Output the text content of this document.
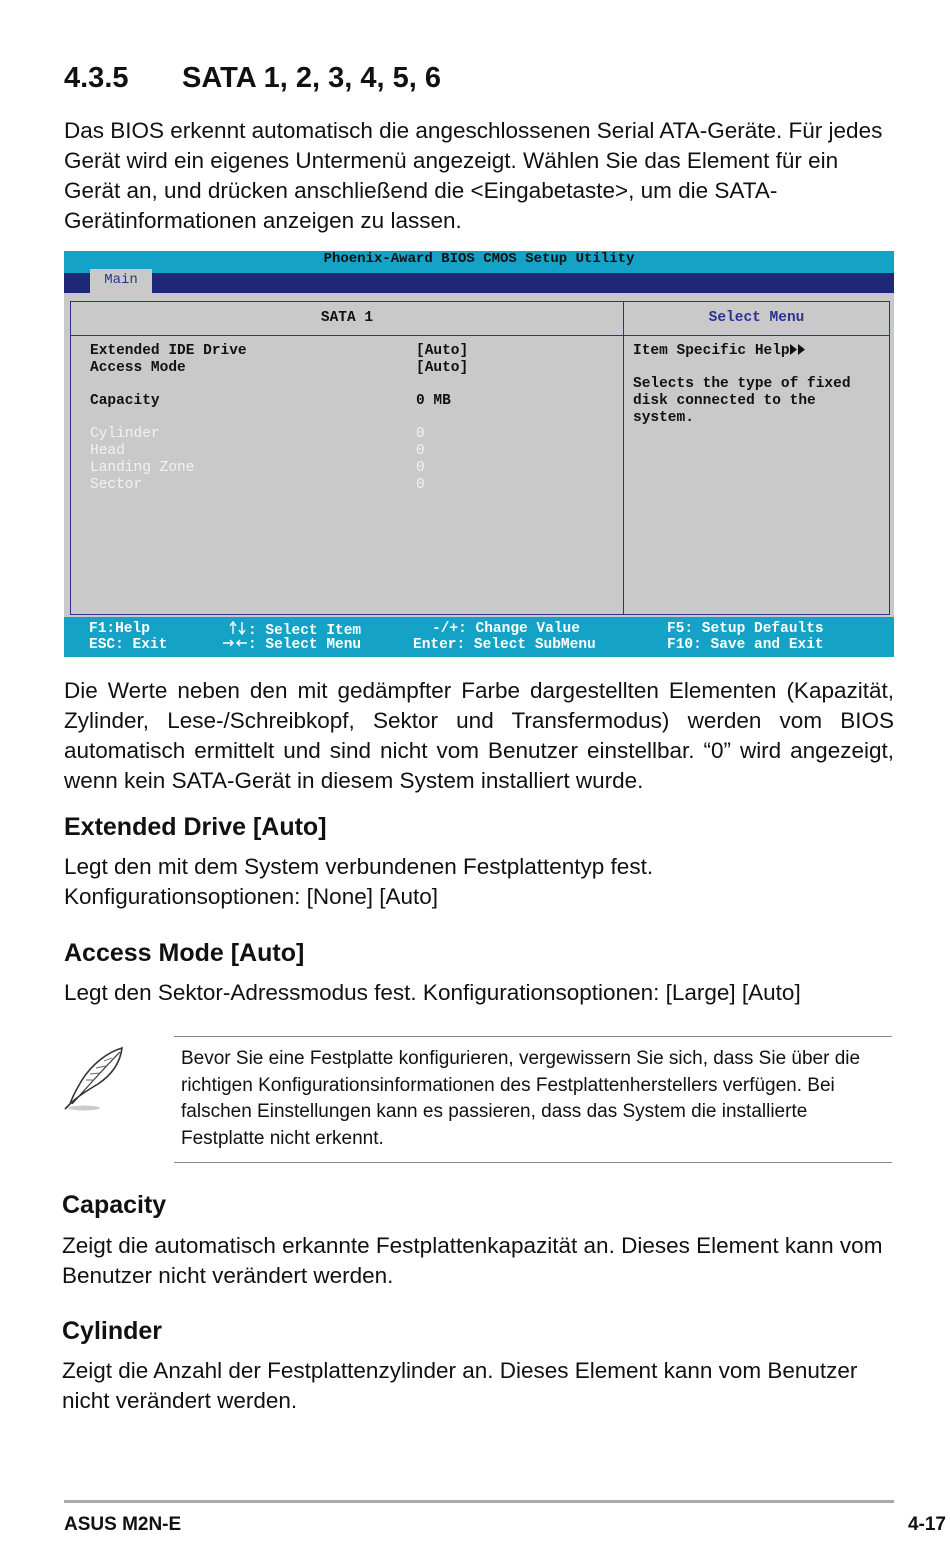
4.3.5 SATA 1, 2, 3, 4, 5, 6

Das BIOS erkennt automatisch die angeschlossenen Serial ATA-Geräte. Für jedes Gerät wird ein eigenes Untermenü angezeigt. Wählen Sie das Element für ein Gerät an, und drücken anschließend die <Eingabetaste>, um die SATA-Gerätinformationen anzeigen zu lassen.

Phoenix-Award BIOS CMOS Setup Utility
Main
SATA 1	Select Menu
Extended IDE Drive	[Auto]
Access Mode	[Auto]
Capacity	0 MB
Cylinder	0
Head	0
Landing Zone	0
Sector	0
Item Specific Help
Selects the type of fixed disk connected to the system.
F1:Help
ESC: Exit
: Select Item
: Select Menu
-/+: Change Value
Enter: Select SubMenu
F5: Setup Defaults
F10: Save and Exit

Die Werte neben den mit gedämpfter Farbe dargestellten Elementen (Kapazität, Zylinder, Lese-/Schreibkopf, Sektor und Transfermodus) werden vom BIOS automatisch ermittelt und sind nicht vom Benutzer einstellbar. “0” wird angezeigt, wenn kein SATA-Gerät in diesem System installiert wurde.

Extended Drive [Auto]

Legt den mit dem System verbundenen Festplattentyp fest.

Konfigurationsoptionen: [None] [Auto]

Access Mode [Auto]

Legt den Sektor-Adressmodus fest. Konfigurationsoptionen: [Large] [Auto]

Bevor Sie eine Festplatte konfigurieren, vergewissern Sie sich, dass Sie über die richtigen Konfigurationsinformationen des Festplattenherstellers verfügen. Bei falschen Einstellungen kann es passieren, dass das System die installierte Festplatte nicht erkennt.

Capacity

Zeigt die automatisch erkannte Festplattenkapazität an. Dieses Element kann vom Benutzer nicht verändert werden.

Cylinder

Zeigt die Anzahl der Festplattenzylinder an. Dieses Element kann vom Benutzer nicht verändert werden.

ASUS M2N-E	4-17
